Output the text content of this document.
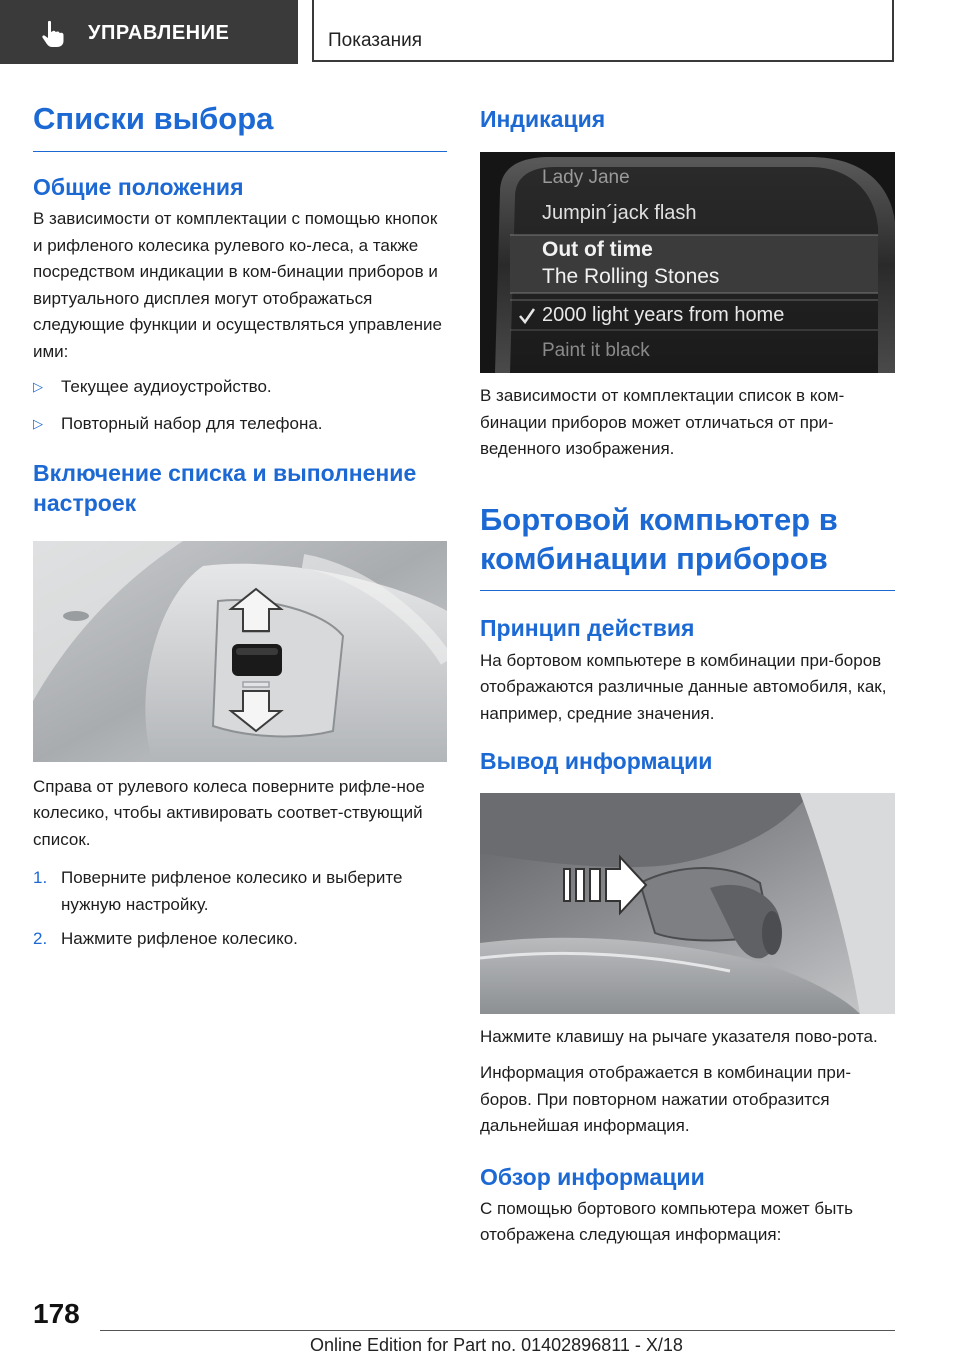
УПРАВЛЕНИЕ	Показания
Списки выбора
Общие положения

В зависимости от комплектации с помощью кнопок и рифленого колесика рулевого ко-леса, а также посредством индикации в ком-бинации приборов и виртуального дисплея могут отображаться следующие функции и осуществляться управление ими:

▷	Текущее аудиоустройство.
▷	Повторный набор для телефона.
Включение списка и выполнение настроек

Справа от рулевого колеса поверните рифле-ное колесико, чтобы активировать соответ-ствующий список.

1. Поверните рифленое колесико и выберите нужную настройку.
2. Нажмите рифленое колесико.
Индикация
Lady Jane
Jumpin´jack flash
Out of time
The Rolling Stones
2000 light years from home
Paint it black

В зависимости от комплектации список в ком-бинации приборов может отличаться от при-веденного изображения.

Бортовой компьютер в комбинации приборов
Принцип действия

На бортовом компьютере в комбинации при-боров отображаются различные данные автомобиля, как, например, средние значения.

Вывод информации

Нажмите клавишу на рычаге указателя пово-рота.

Информация отображается в комбинации при-боров. При повторном нажатии отобразится дальнейшая информация.

Обзор информации

С помощью бортового компьютера может быть отображена следующая информация:

178
Online Edition for Part no. 01402896811 - X/18
